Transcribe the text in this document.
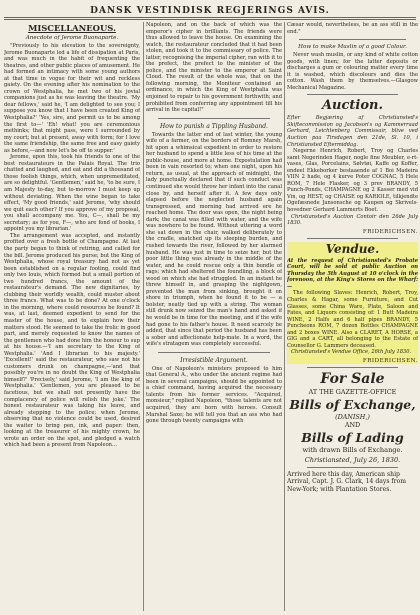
DANSK VESTINDISK REGJERINGS AVIS.
MISCELLANEOUS.
Anecdote of Jerome Buonaparte.

"Previously to his elevation to the sovereignty, Jerome Buonaparte led a life of dissipation at Paris, and was much in the habit of frequenting the theatres, and other public places of amusement. He had formed an intimacy with some young authors at that time in vogue for their wit and reckless gaiety. On the evening after his nomination to the crown of Westphalia, he met two of his jovial companions just as he was leaving the theatre. 'My dear fellows,' said he, 'I am delighted to see you; I suppose you know that I have been created King of Westphalia?' 'Yes, sire, and permit us to be among the first to—' 'Eh! what! you are ceremonious methinks; that might pass, were I surrounded by my court; but at present, away with form; for I love the same friendship, the same free and easy gaiety as before,—and now let's be off to supper.'

Jerome, upon this, took his friends to one of the best restaurateurs in the Palais Royal. The trio chatted and laughed, and eat and did a thousand of those foolish things, which, when unpremeditated, are so delightful. 'Gentlemen,' said he, 'to be sure, I am Majesty to-day, but to-morrow I must keep up without deviating. When the wine began to take effect, 'My good friends,' said Jerome, 'why should we quit each other? If you approve of my proposal, you shall accompany me. You, C—, shall be my secretary; as for you, F—, who are fond of books, I appoint you my librarian.'

The arrangement was accepted, and instantly profited over a fresh bottle of Champagne. At last the party began to think of retiring, and called for the bill. Jerome produced his purse; but the King of Westphalia, whose royal treasury had not as yet been established on a regular footing, could find only two louis, which formed but a small portion of two hundred francs, the amount of the restaurateur's demand. The new dignitaries, by clubbing their worldly wealth, could muster about three francs. What was to be done? At one o'clock in the morning, where could resources be found? It was, at last, deemed expedient to send for the master of the house, and to explain how their matters stood. He seemed to take the frolic in good part, and merely requested to know the names of the gentlemen who had done him the honour to sup at his house.—'I am secretary to the King of Westphalia.' 'And I librarian to his majesty.' 'Excellent!' said the restaurateur, who saw not his customers drunk on champagne,—'and that possibly you're in no doubt the King of Westphalia himself?' 'Precisely,' said Jerome, 'I am the king of Westphalia.' 'Gentlemen, you are pleased to be facetious, but we shall not presently have the complacency of police will relish the joke.' The honest restaurateur was taking his leave, and already stepping to the police; when Jerome, observing that no violence could be used, desired the waiter to bring pen, ink, and paper: then, looking at the treasurer of his mighty crown, he wrote an order on the spot, and pledged a watch which had been a present from Napoleon...

Napoleon, and on the back of which was the emperor's cipher in brilliants. The friends were thus allowed to leave the house. On examining the watch, the restaurateur concluded that it had been stolen, and took it to the commissary of police. The latter, recognising the imperial cipher, ran with it to the prefect, the prefect to the minister of the police, and the minister to the emperor at Saint Cloud. The result of the whole was, that on the following morning, the Moniteur contained an ordinance, in which the King of Westphalia was enjoined to repair to his government forthwith; and prohibited from conferring any appointment till his arrival in the capital!"

How to punish a Tippling Husband.

Towards the latter end of last winter, the young wife of a farmer, on the borders of Romney Marsh, hit upon a whimsical expedient in order to restore her husband to spend a little less of his time at the public-house, and more at home. Expostulation had been in vain resorted to; when one night, upon his return, as usual, at the approach of midnight, the lady punctually declared that if such conduct was continued she would throw her infant into the canal close by, and herself after it. A few days only elapsed before the neglected husband again transgressed, and morning had arrived ere he reached home. The door was open, the night being dark; the canal was filled with water, and the wife was nowhere to be found. Without uttering a word she sat down in the chair, walked deliberately to the cradle, snatched up its sleeping burden, and rushed towards the river, followed by her alarmed husband. He was just in time to seize her, but the poor little thing was already in the middle of the water, and he could rescue only a thin bundle of rags; which had sheltered the foundling, a block of wood on which she had struggled. In an instant he threw himself in, and grasping the nightgown, prevented the man from sinking, brought it on shore in triumph, when he found it to be — a bolster, neatly tied up with a string. The woman still drunk now seized the man's hand and asked if he would be in time for the meeting, and if the wife had gone to his father's house. It need scarcely be added, that since that period the husband has been a sober and affectionate help-mate. In a word, the wife's stratagem was completely successful.

Irresistible Argument.

One of Napoleon's ministers proposed to him that General A., who under the ancient regime had been in several campaigns, should be appointed to a chief command, having acquired the necessary talents from his former services. "Acquired, monsieur," replied Napoleon, "those talents are not acquired, they are born with heroes. Consult Marshal Saxe; he will tell you that an ass who had gone through twenty campaigns with

Cæsar would, nevertheless, be an ass still in the end."

How to make Muslin of a good Colour.

Never wash muslin, or any kind of white cotton goods, with linen; for the latter deposits or discharges a gum or colouring matter every time it is washed, which discolours and dies the cotton. Wash them by themselves.—Glasgow Mechanical Magazine.

Auction.

Efter Begjæring af Christiansted's Skiftecommission og Jacobson's og Kammerraad Gerhard, Leichtenberg Commissair, blive ved Auction paa Tirsdagen den 21de, Sl. 10, i Christiansted Eftermiddag.

Negerne Henrich, Robert, Troy og Charles samt Negerinden Hager, nogle fine Meubler, e-rt-vases, Glas, Porcelains, Sølvtøi, Kaffe og Koffer, endeel Ekkeborker bestaaende af 1 Boi Madeira VIIN 2 hade, og 4 kurve Poter COGNAC, 5 Hele ROM, 7 Hele Flasker, og 3 prev BRANDY, 5 Punch-Ponds, CHAMPAGNE og 2 Kasser med vid Vin, og HEST, og CHAISE og KARIOLE, tilkjendte Ogefæsnede Jansonsche og Kaupen og Skrivels-hovedner Gerhard Lammerts Boet.

Christiansted's Auction Contoir den 26de July 1830.

FRIDERICHSEN.
Vendue.

At the request of Christiansted's Probate Court, will be sold at public Auction on Thursday the 5th August at 10 o'clock in the forenoon, at the King's Stores on the Wharf:—

The following Slaves: Henrich, Robert, Troy, Charles & Hagar, some Furniture, and Cut Glasses, some China Ware, Plate, Saloon and Fates, and Liquors consisting of: 1 Butt Madeira WINE, 2 Halfs and 6 half pipes BRANDY, 5 Puncheons ROM, 7 dozen Bottles CHAMPAGNE and 2 boxes WINE. Also a CLARET, A HORSE, a GIG and a CART, all belonging to the Estate of Counsellor G. Lammers deceased.

Christiansted's Vendue Office, 26th July 1830.

FRIDERICHSEN.
For Sale
AT THE GAZETTE-OFFICE
Bills of Exchange,
(DANISH,)
AND
Bills of Lading
with drawn Bills of Exchange.
Christiansted, July 26, 1830.

Arrived here this day, American ship Arrival, Capt. J. G. Clark, 14 days from New-York; with Plantation Stores.
